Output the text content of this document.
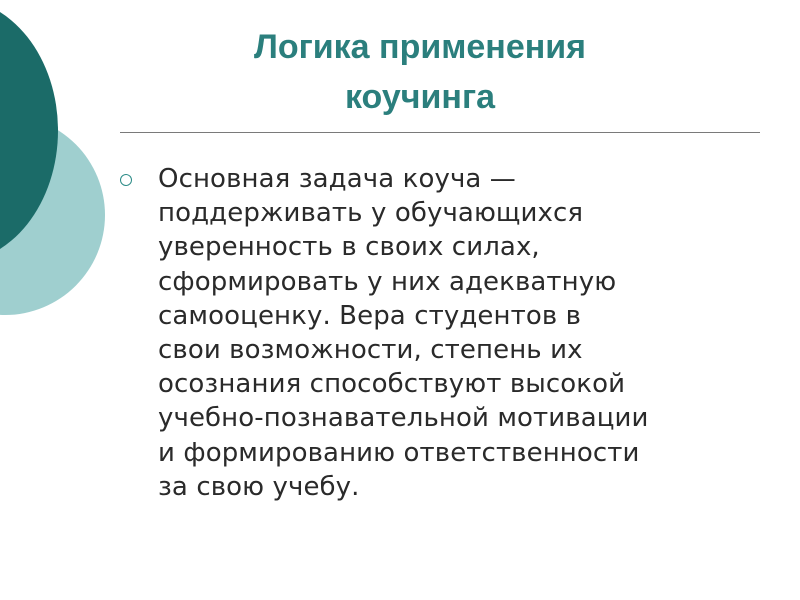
Логика применения
коучинга

Основная задача коуча —
поддерживать у обучающихся
уверенность в своих силах,
сформировать у них адекватную
самооценку. Вера студентов в
свои возможности, степень их
осознания способствуют высокой
учебно-познавательной мотивации
и формированию ответственности
за свою учебу.
